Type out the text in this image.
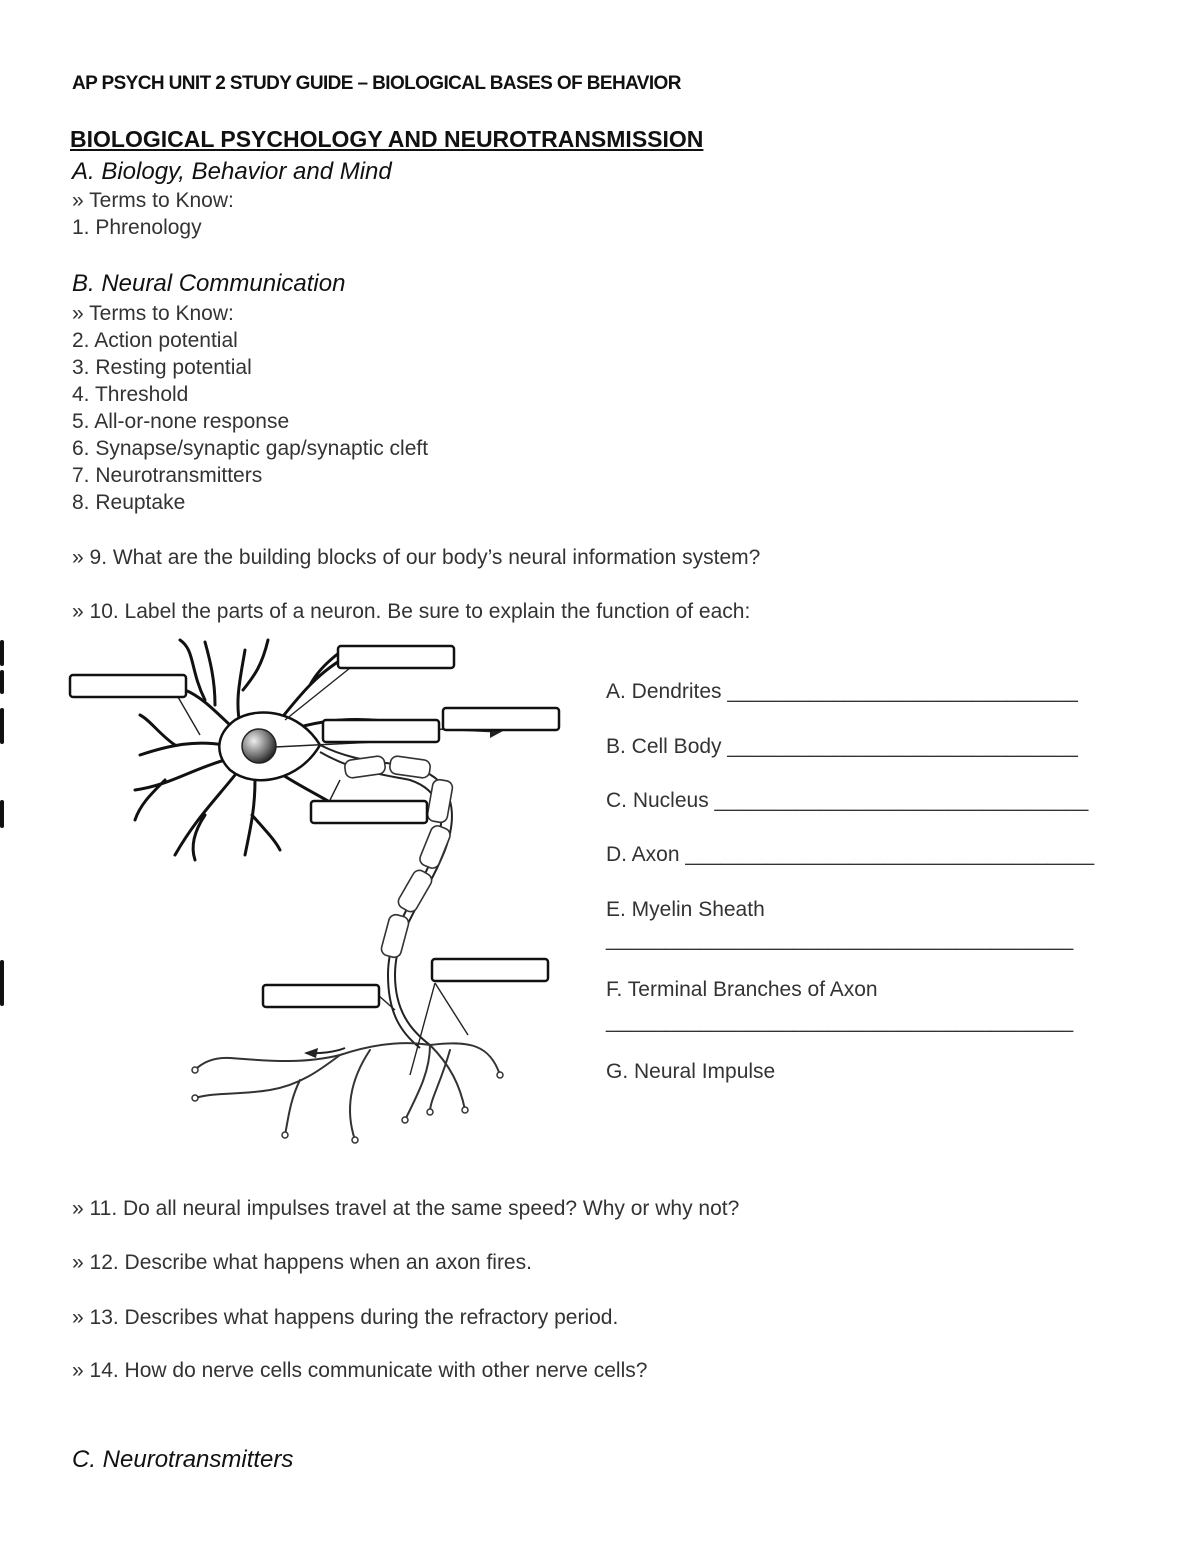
AP PSYCH UNIT 2 STUDY GUIDE – BIOLOGICAL BASES OF BEHAVIOR
BIOLOGICAL PSYCHOLOGY AND NEUROTRANSMISSION
A. Biology, Behavior and Mind
» Terms to Know:
1. Phrenology
B. Neural Communication
» Terms to Know:
2. Action potential
3. Resting potential
4. Threshold
5. All-or-none response
6. Synapse/synaptic gap/synaptic cleft
7. Neurotransmitters
8. Reuptake
» 9. What are the building blocks of our body’s neural information system?
» 10. Label the parts of a neuron. Be sure to explain the function of each:
A. Dendrites ______________________________
B. Cell Body ______________________________
C. Nucleus ________________________________
D. Axon ___________________________________
E. Myelin Sheath
________________________________________
F. Terminal Branches of Axon
________________________________________
G. Neural Impulse
» 11. Do all neural impulses travel at the same speed? Why or why not?
» 12. Describe what happens when an axon fires.
» 13. Describes what happens during the refractory period.
» 14. How do nerve cells communicate with other nerve cells?
C. Neurotransmitters
